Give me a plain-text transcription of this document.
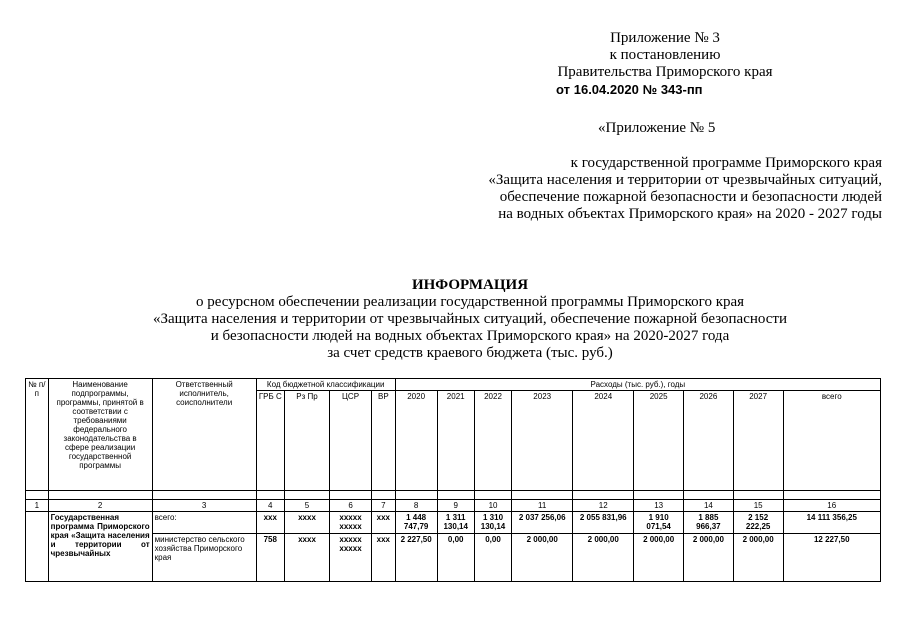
Приложение № 3
к постановлению
Правительства Приморского края
от 16.04.2020 № 343-пп
«Приложение № 5
к государственной программе Приморского края
«Защита населения и территории от чрезвычайных ситуаций,
обеспечение пожарной безопасности и безопасности людей
на водных объектах Приморского края» на 2020 - 2027 годы
ИНФОРМАЦИЯ
о ресурсном обеспечении реализации государственной программы Приморского края
«Защита населения и территории от чрезвычайных ситуаций, обеспечение пожарной безопасности
и безопасности людей на водных объектах Приморского края» на 2020-2027 года
за счет средств краевого бюджета (тыс. руб.)
№ п/п	Наименование подпрограммы, программы, принятой в соответствии с требованиями федерального законодательства в сфере реализации государственной программы	Ответственный исполнитель, соисполнители	Код бюджетной классификации				Расходы (тыс. руб.), годы								
			ГРБ С	Рз Пр	ЦСР	ВР	2020	2021	2022	2023	2024	2025	2026	2027	всего

1	2	3	4	5	6	7	8	9	10	11	12	13	14	15	16
	Государственная программа Приморского края «Защита населения и территории от чрезвычайных	всего:	ххх	хххх	ххххх ххххх	ххх	1 448 747,79	1 311 130,14	1 310 130,14	2 037 256,06	2 055 831,96	1 910 071,54	1 885 966,37	2 152 222,25	14 111 356,25
		министерство сельского хозяйства Приморского края	758	хххх	ххххх ххххх	ххх	2 227,50	0,00	0,00	2 000,00	2 000,00	2 000,00	2 000,00	2 000,00	12 227,50
